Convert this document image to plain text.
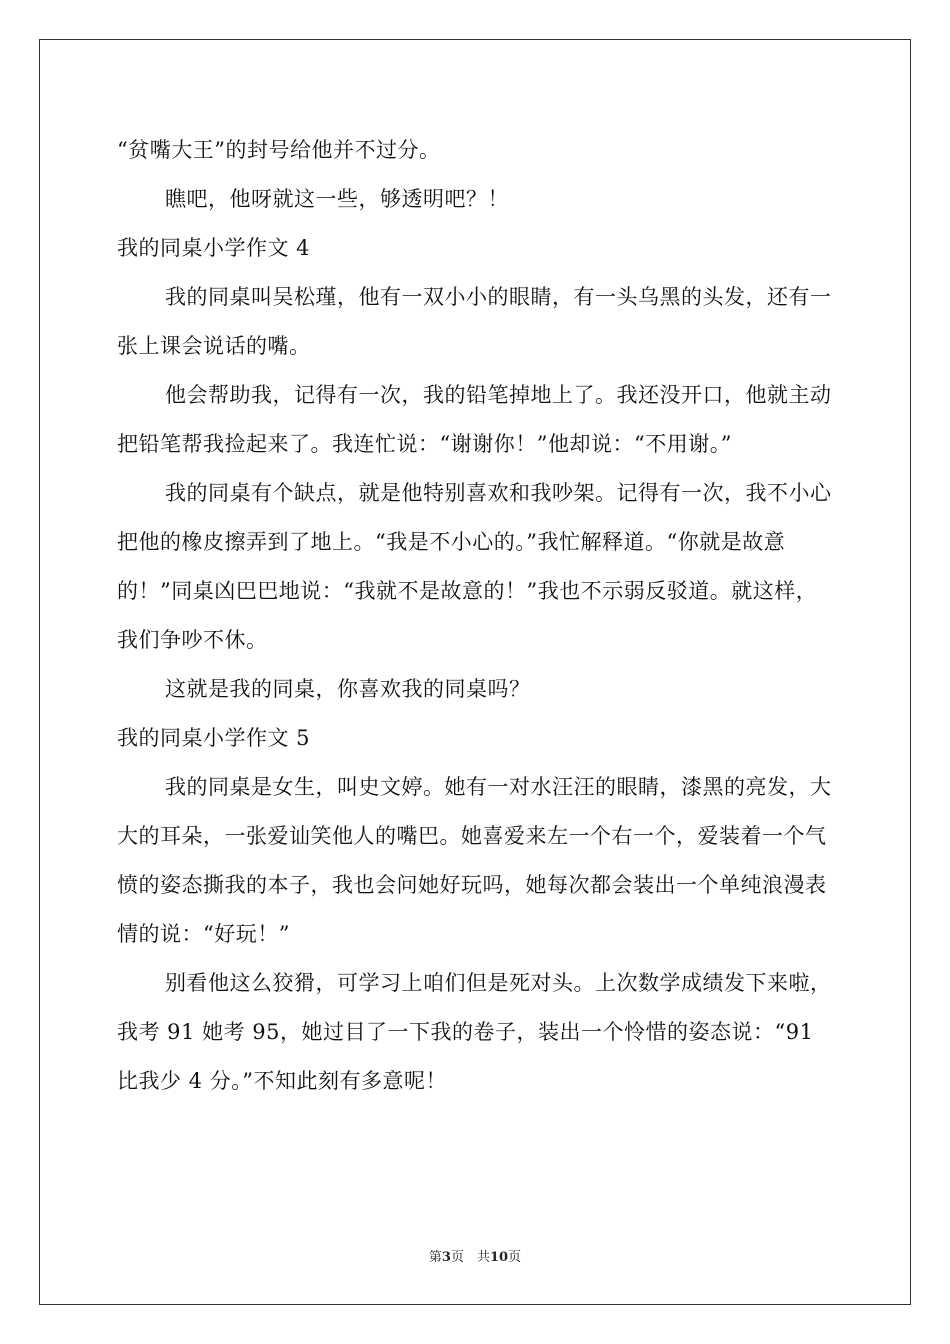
“贫嘴大王”的封号给他并不过分。

瞧吧，他呀就这一些，够透明吧？！

我的同桌小学作文 4

我的同桌叫吴松瑾，他有一双小小的眼睛，有一头乌黑的头发，还有一张上课会说话的嘴。

他会帮助我，记得有一次，我的铅笔掉地上了。我还没开口，他就主动把铅笔帮我捡起来了。我连忙说：“谢谢你！”他却说：“不用谢。”

我的同桌有个缺点，就是他特别喜欢和我吵架。记得有一次，我不小心把他的橡皮擦弄到了地上。“我是不小心的。”我忙解释道。“你就是故意的！”同桌凶巴巴地说：“我就不是故意的！”我也不示弱反驳道。就这样，我们争吵不休。

这就是我的同桌，你喜欢我的同桌吗？

我的同桌小学作文 5

我的同桌是女生，叫史文婷。她有一对水汪汪的眼睛，漆黑的亮发，大大的耳朵，一张爱讪笑他人的嘴巴。她喜爱来左一个右一个，爱装着一个气愤的姿态撕我的本子，我也会问她好玩吗，她每次都会装出一个单纯浪漫表情的说：“好玩！”

别看他这么狡猾，可学习上咱们但是死对头。上次数学成绩发下来啦，我考 91 她考 95，她过目了一下我的卷子，装出一个怜惜的姿态说：“91 比我少 4 分。”不知此刻有多意呢！

第3页　共10页
